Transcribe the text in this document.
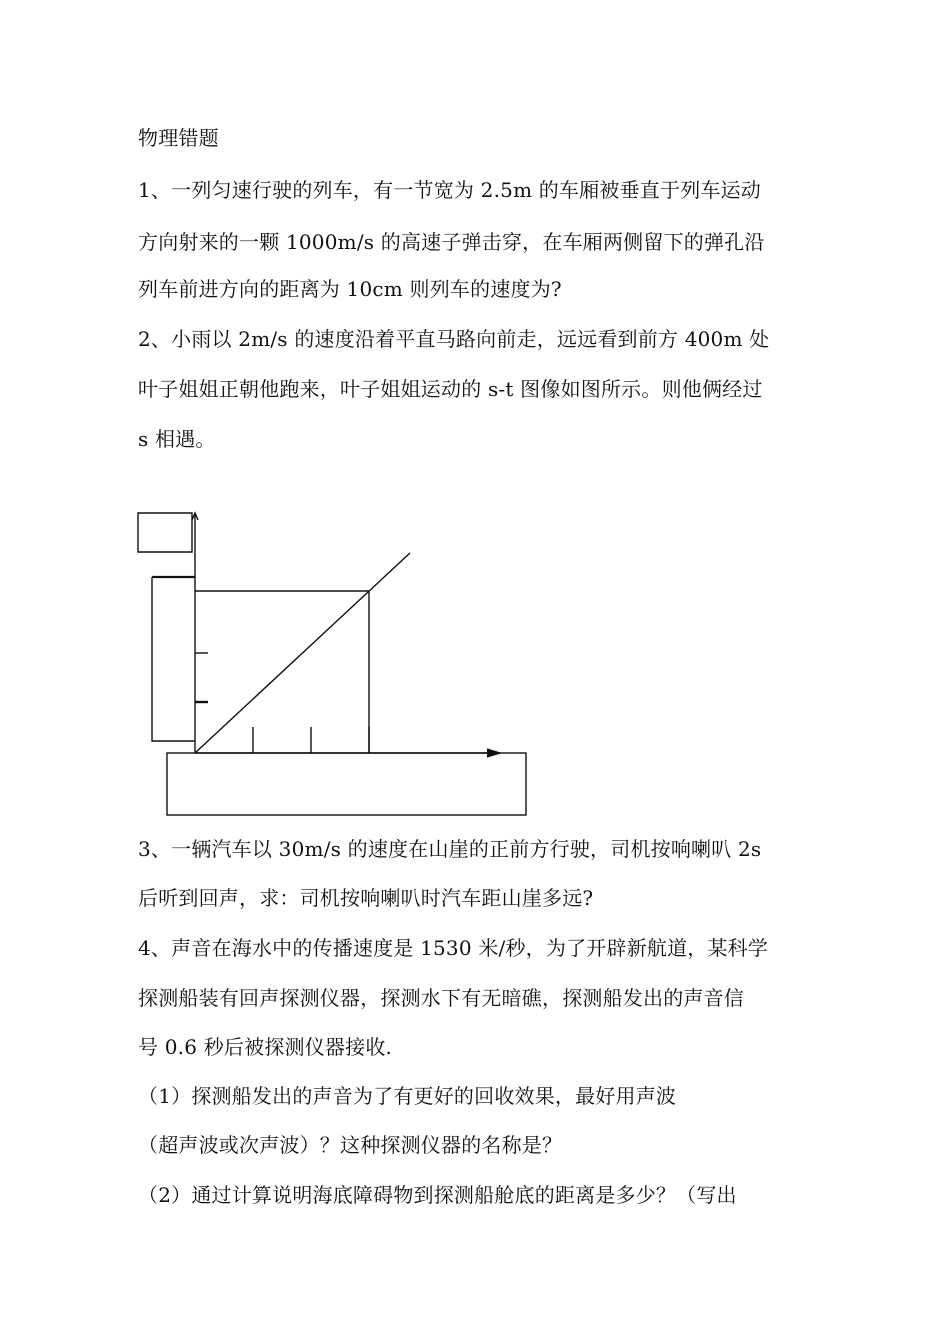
物理错题
1、一列匀速行驶的列车，有一节宽为 2.5m 的车厢被垂直于列车运动
方向射来的一颗 1000m/s 的高速子弹击穿，在车厢两侧留下的弹孔沿
列车前进方向的距离为 10cm 则列车的速度为?
2、小雨以 2m/s 的速度沿着平直马路向前走，远远看到前方 400m 处
叶子姐姐正朝他跑来，叶子姐姐运动的 s-t 图像如图所示。则他俩经过
s 相遇。
3、一辆汽车以 30m/s 的速度在山崖的正前方行驶，司机按响喇叭 2s
后听到回声，求：司机按响喇叭时汽车距山崖多远?
4、声音在海水中的传播速度是 1530 米/秒，为了开辟新航道，某科学
探测船装有回声探测仪器，探测水下有无暗礁，探测船发出的声音信
号 0.6 秒后被探测仪器接收.
（1）探测船发出的声音为了有更好的回收效果，最好用声波
（超声波或次声波）？这种探测仪器的名称是？
（2）通过计算说明海底障碍物到探测船舱底的距离是多少？（写出
